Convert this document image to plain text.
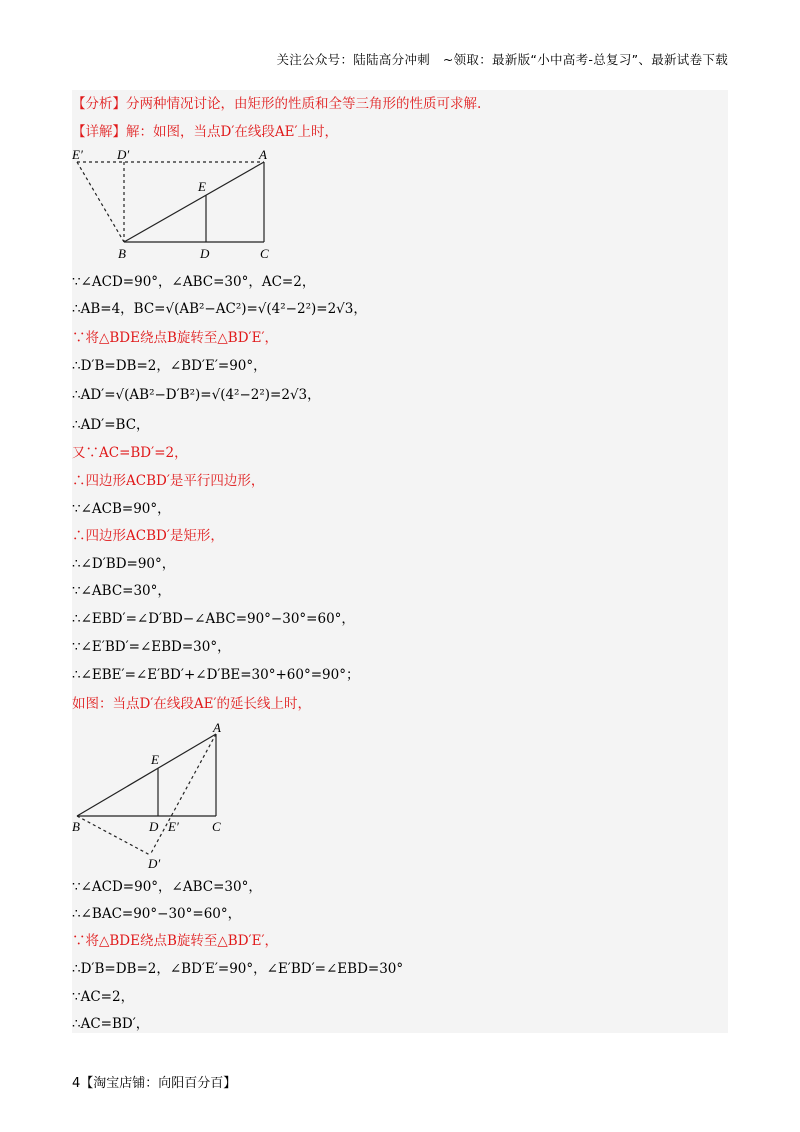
关注公众号：陆陆高分冲刺　~领取：最新版“小中高考-总复习”、最新试卷下载
【分析】分两种情况讨论，由矩形的性质和全等三角形的性质可求解.
【详解】解：如图，当点D′在线段AE′上时，
E′	D′	A
E
B	D	C
∵∠ACD=90°，∠ABC=30°，AC=2，
∴AB=4，BC=√(AB²−AC²)=√(4²−2²)=2√3，
∵将△BDE绕点B旋转至△BD′E′，
∴D′B=DB=2，∠BD′E′=90°，
∴AD′=√(AB²−D′B²)=√(4²−2²)=2√3，
∴AD′=BC，
又∵AC=BD′=2，
∴四边形ACBD′是平行四边形，
∵∠ACB=90°，
∴四边形ACBD′是矩形，
∴∠D′BD=90°，
∵∠ABC=30°，
∴∠EBD′=∠D′BD−∠ABC=90°−30°=60°，
∵∠E′BD′=∠EBD=30°，
∴∠EBE′=∠E′BD′+∠D′BE=30°+60°=90°；
如图：当点D′在线段AE′的延长线上时，
A
E
B	D E′	C
D′
∵∠ACD=90°，∠ABC=30°，
∴∠BAC=90°−30°=60°，
∵将△BDE绕点B旋转至△BD′E′，
∴D′B=DB=2，∠BD′E′=90°，∠E′BD′=∠EBD=30°
∵AC=2，
∴AC=BD′，
4【淘宝店铺：向阳百分百】
